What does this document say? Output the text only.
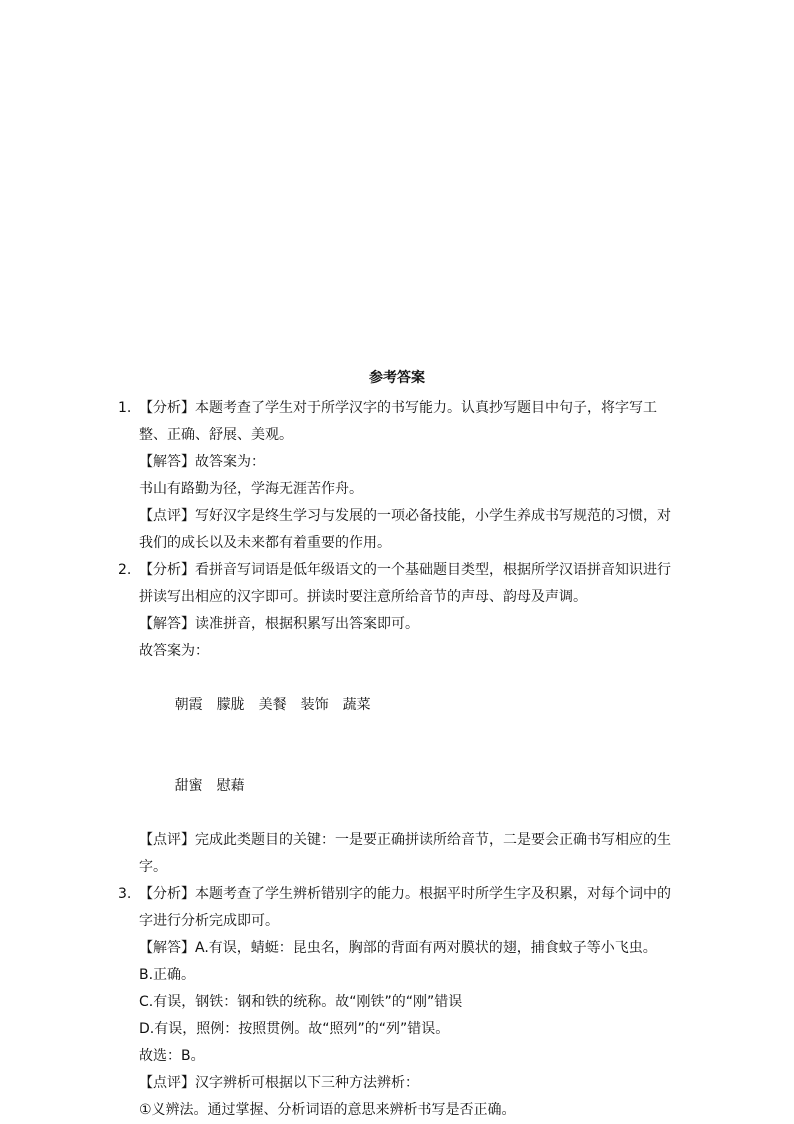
参考答案
1. 【分析】本题考查了学生对于所学汉字的书写能力。认真抄写题目中句子，将字写工整、正确、舒展、美观。

【解答】故答案为：

书山有路勤为径，学海无涯苦作舟。

【点评】写好汉字是终生学习与发展的一项必备技能，小学生养成书写规范的习惯，对我们的成长以及未来都有着重要的作用。

2. 【分析】看拼音写词语是低年级语文的一个基础题目类型，根据所学汉语拼音知识进行拼读写出相应的汉字即可。拼读时要注意所给音节的声母、韵母及声调。

【解答】读准拼音，根据积累写出答案即可。

故答案为：

朝霞 朦胧 美餐 装饰 蔬菜

甜蜜 慰藉

【点评】完成此类题目的关键：一是要正确拼读所给音节，二是要会正确书写相应的生字。

3. 【分析】本题考查了学生辨析错别字的能力。根据平时所学生字及积累，对每个词中的字进行分析完成即可。

【解答】A.有误，蜻蜓：昆虫名，胸部的背面有两对膜状的翅，捕食蚊子等小飞虫。

B.正确。

C.有误，钢铁：钢和铁的统称。故“刚铁”的“刚”错误

D.有误，照例：按照贯例。故“照列”的“列”错误。

故选：B。

【点评】汉字辨析可根据以下三种方法辨析：

①义辨法。通过掌握、分析词语的意思来辨析书写是否正确。
